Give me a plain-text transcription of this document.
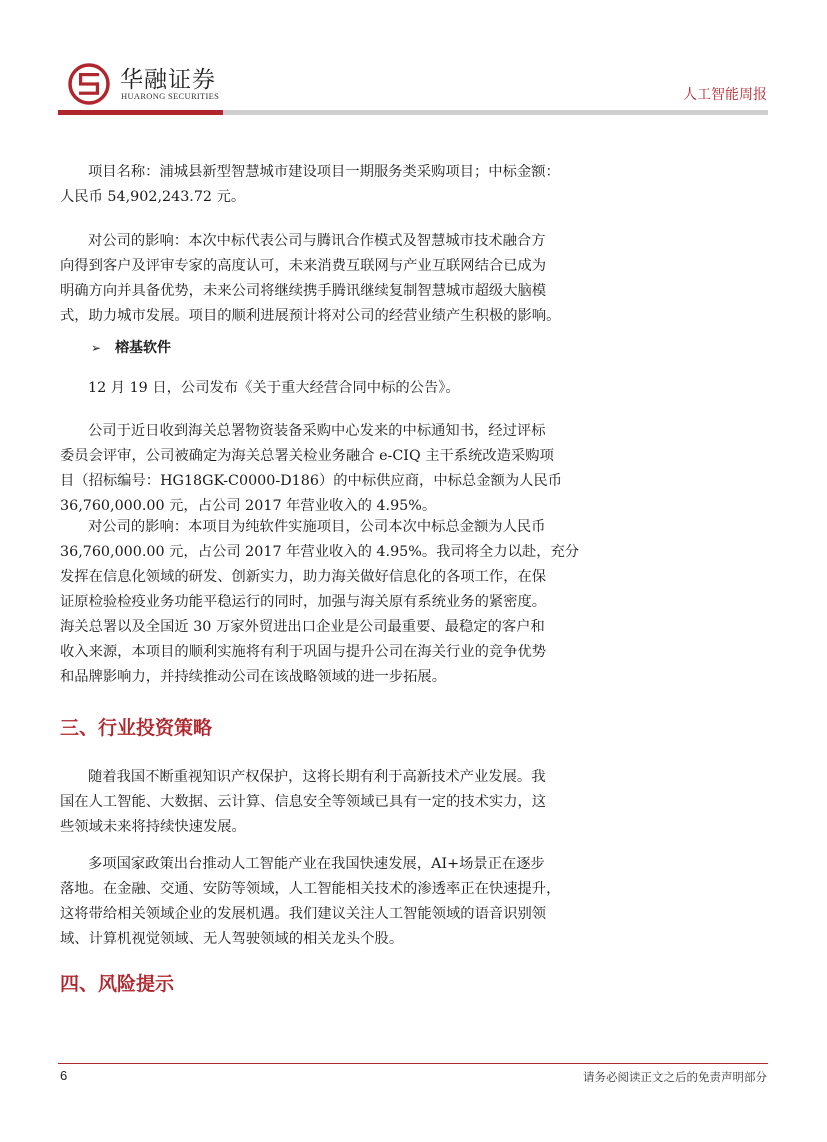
华融证券
HUARONG SECURITIES	人工智能周报

项目名称：浦城县新型智慧城市建设项目一期服务类采购项目；中标金额：
人民币 54,902,243.72 元。

对公司的影响：本次中标代表公司与腾讯合作模式及智慧城市技术融合方
向得到客户及评审专家的高度认可，未来消费互联网与产业互联网结合已成为
明确方向并具备优势，未来公司将继续携手腾讯继续复制智慧城市超级大脑模
式，助力城市发展。项目的顺利进展预计将对公司的经营业绩产生积极的影响。

➢ 榕基软件

12 月 19 日，公司发布《关于重大经营合同中标的公告》。

公司于近日收到海关总署物资装备采购中心发来的中标通知书，经过评标
委员会评审，公司被确定为海关总署关检业务融合 e-CIQ 主干系统改造采购项
目（招标编号：HG18GK-C0000-D186）的中标供应商，中标总金额为人民币
36,760,000.00 元，占公司 2017 年营业收入的 4.95%。

对公司的影响：本项目为纯软件实施项目，公司本次中标总金额为人民币
36,760,000.00 元，占公司 2017 年营业收入的 4.95%。我司将全力以赴，充分
发挥在信息化领域的研发、创新实力，助力海关做好信息化的各项工作，在保
证原检验检疫业务功能平稳运行的同时，加强与海关原有系统业务的紧密度。
海关总署以及全国近 30 万家外贸进出口企业是公司最重要、最稳定的客户和
收入来源，本项目的顺利实施将有利于巩固与提升公司在海关行业的竞争优势
和品牌影响力，并持续推动公司在该战略领域的进一步拓展。

三、行业投资策略

随着我国不断重视知识产权保护，这将长期有利于高新技术产业发展。我
国在人工智能、大数据、云计算、信息安全等领域已具有一定的技术实力，这
些领域未来将持续快速发展。

多项国家政策出台推动人工智能产业在我国快速发展，AI+场景正在逐步
落地。在金融、交通、安防等领域，人工智能相关技术的渗透率正在快速提升，
这将带给相关领域企业的发展机遇。我们建议关注人工智能领域的语音识别领
域、计算机视觉领域、无人驾驶领域的相关龙头个股。

四、风险提示
6	请务必阅读正文之后的免责声明部分
